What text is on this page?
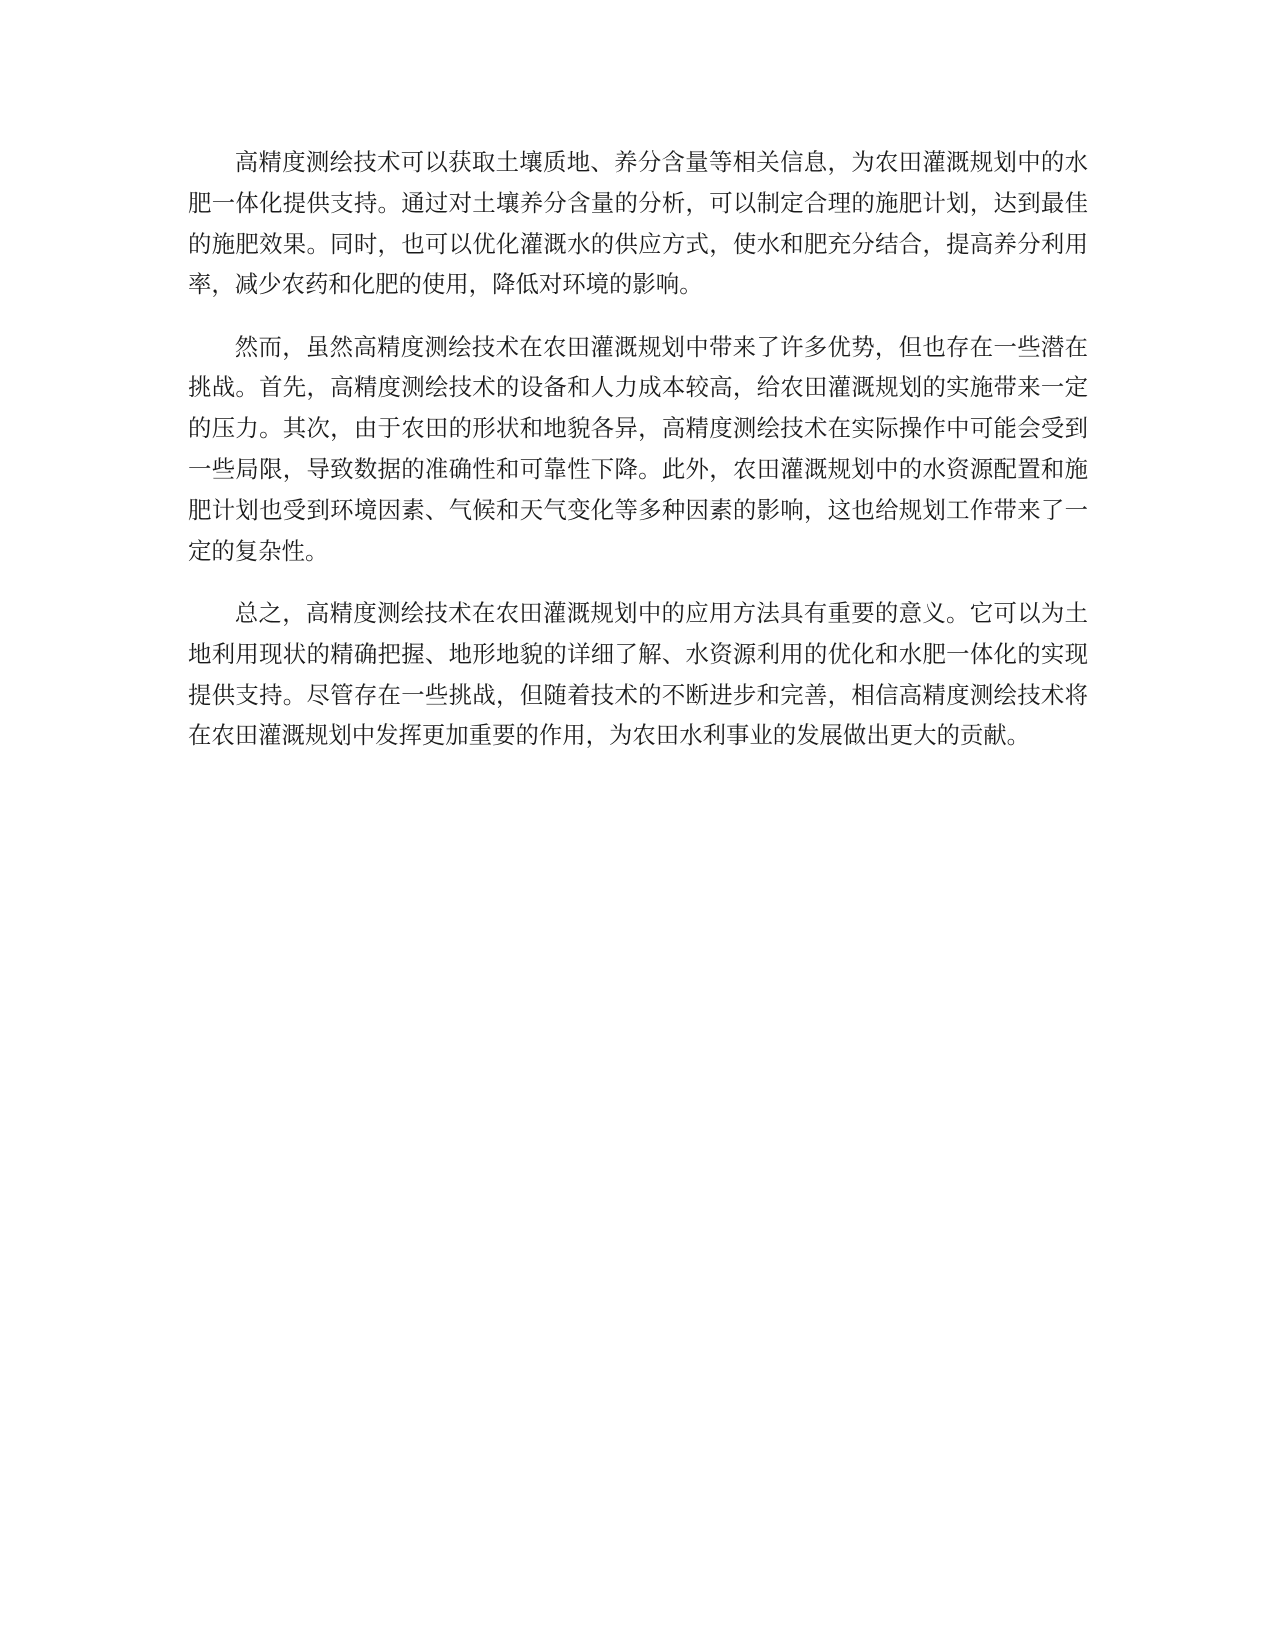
高精度测绘技术可以获取土壤质地、养分含量等相关信息，为农田灌溉规划中的水肥一体化提供支持。通过对土壤养分含量的分析，可以制定合理的施肥计划，达到最佳的施肥效果。同时，也可以优化灌溉水的供应方式，使水和肥充分结合，提高养分利用率，减少农药和化肥的使用，降低对环境的影响。

然而，虽然高精度测绘技术在农田灌溉规划中带来了许多优势，但也存在一些潜在挑战。首先，高精度测绘技术的设备和人力成本较高，给农田灌溉规划的实施带来一定的压力。其次，由于农田的形状和地貌各异，高精度测绘技术在实际操作中可能会受到一些局限，导致数据的准确性和可靠性下降。此外，农田灌溉规划中的水资源配置和施肥计划也受到环境因素、气候和天气变化等多种因素的影响，这也给规划工作带来了一定的复杂性。

总之，高精度测绘技术在农田灌溉规划中的应用方法具有重要的意义。它可以为土地利用现状的精确把握、地形地貌的详细了解、水资源利用的优化和水肥一体化的实现提供支持。尽管存在一些挑战，但随着技术的不断进步和完善，相信高精度测绘技术将在农田灌溉规划中发挥更加重要的作用，为农田水利事业的发展做出更大的贡献。
